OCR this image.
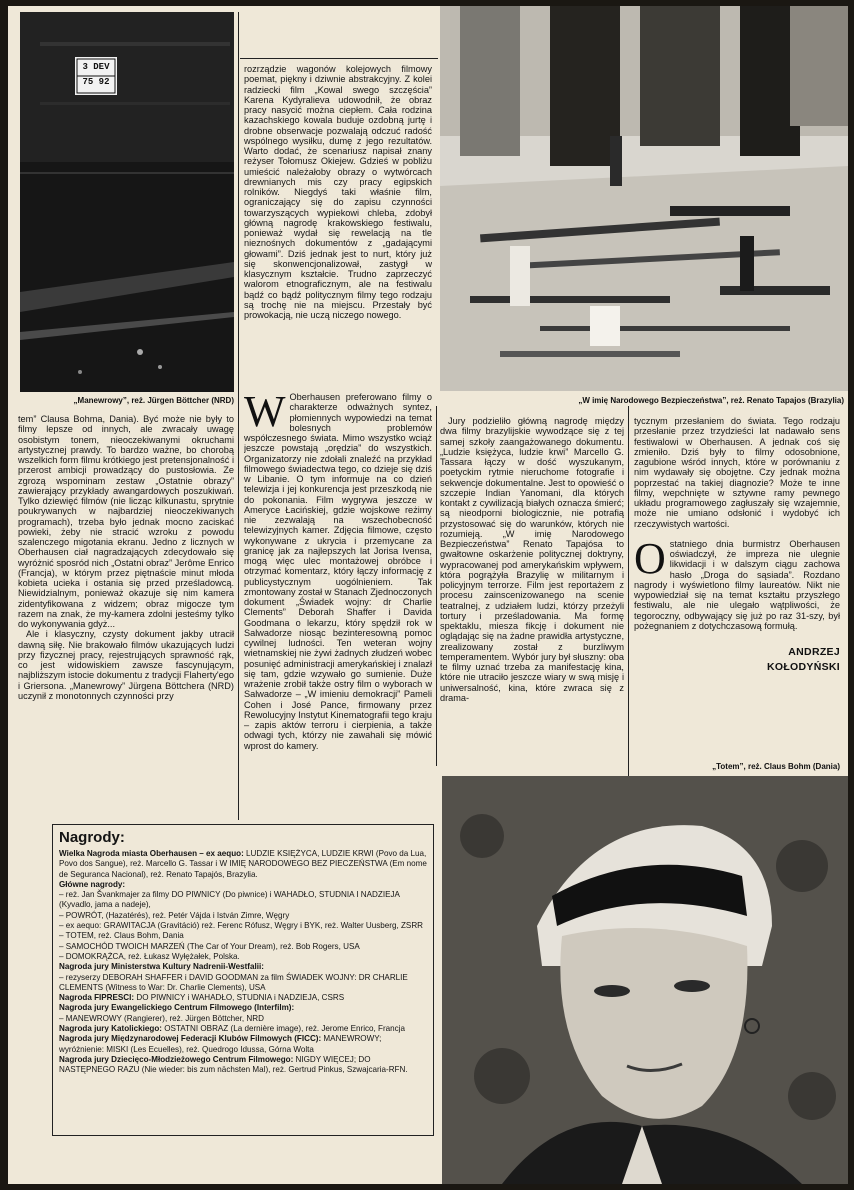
3 DEV
75 92
„Manewrowy”, reż. Jürgen Böttcher (NRD)	„W imię Narodowego Bezpieczeństwa”, reż. Renato Tapajos (Brazylia)

tem” Clausa Bohma, Dania). Być może nie były to filmy lepsze od innych, ale zwracały uwagę osobistym tonem, nieoczekiwanymi okruchami artystycznej prawdy. To bardzo ważne, bo chorobą wszelkich form filmu krótkiego jest pretensjonalność i przerost ambicji prowadzący do pustosłowia. Ze zgrozą wspominam zestaw „Ostatnie obrazy” zawierający przykłady awangardowych poszukiwań. Tylko dziewięć filmów (nie licząc kilkunastu, sprytnie poukrywanych w najbardziej nieoczekiwanych programach), trzeba było jednak mocno zaciskać powieki, żeby nie stracić wzroku z powodu szalenczego migotania ekranu. Jedno z licznych w Oberhausen ciał nagradzających zdecydowało się wyróżnić sposród nich „Ostatni obraz” Jerôme Enrico (Francja), w którym przez piętnaście minut młoda kobieta ucieka i ostania się przed prześladowcą. Niewidzialnym, ponieważ okazuje się nim kamera zidentyfikowana z widzem; obraz migocze tym razem na znak, że my-kamera zdolni jesteśmy tylko do wykonywania gdyż...

Ale i klasyczny, czysty dokument jakby utracił dawną siłę. Nie brakowało filmów ukazujących ludzi przy fizycznej pracy, rejestrujących sprawność rąk, co jest widowiskiem zawsze fascynującym, najbliższym istocie dokumentu z tradycji Flaherty'ego i Griersona. „Manewrowy” Jürgena Böttchera (NRD) uczynił z monotonnych czynności przy

rozrządzie wagonów kolejowych filmowy poemat, piękny i dziwnie abstrakcyjny. Z kolei radziecki film „Kowal swego szczęścia” Karena Kydyralieva udowodnił, że obraz pracy nasycić można ciepłem. Cała rodzina kazachskiego kowala buduje ozdobną jurtę i drobne obserwacje pozwalają odczuć radość wspólnego wysiłku, dumę z jego rezultatów. Warto dodać, że scenariusz napisał znany reżyser Tołomusz Okiejew. Gdzieś w pobliżu umieścić należałoby obrazy o wytwórcach drewnianych mis czy pracy egipskich rolników. Niegdyś taki właśnie film, ograniczający się do zapisu czynności towarzyszących wypiekowi chleba, zdobył główną nagrodę krakowskiego festiwalu, ponieważ wydał się rewelacją na tle nieznośnych dokumentów z „gadającymi głowami”. Dziś jednak jest to nurt, który już się skonwencjonalizował, zastygł w klasycznym kształcie. Trudno zaprzeczyć walorom etnograficznym, ale na festiwalu bądź co bądź politycznym filmy tego rodzaju są trochę nie na miejscu. Przestały być prowokacją, nie uczą niczego nowego.

W Oberhausen preferowano filmy o charakterze odważnych syntez, płomiennych wypowiedzi na temat bolesnych problemów współczesnego świata. Mimo wszystko wciąż jeszcze powstają „orędzia” do wszystkich. Organizatorzy nie zdołali znaleźć na przykład filmowego świadectwa tego, co dzieje się dziś w Libanie. O tym informuje na co dzień telewizja i jej konkurencja jest przeszkodą nie do pokonania. Film wygrywa jeszcze w Ameryce Łacińskiej, gdzie wojskowe reżimy nie zezwalają na wszechobecność telewizyjnych kamer. Zdjęcia filmowe, często wykonywane z ukrycia i przemycane za granicę jak za najlepszych lat Jorisa Ivensa, mogą więc ulec montażowej obróbce i otrzymać komentarz, który łączy informację z publicystycznym uogólnieniem. Tak zmontowany został w Stanach Zjednoczonych dokument „Świadek wojny: dr Charlie Clements” Deborah Shaffer i Davida Goodmana o lekarzu, który spędził rok w Salwadorze niosąc bezinteresowną pomoc cywilnej ludności. Ten weteran wojny wietnamskiej nie żywi żadnych złudzeń wobec posunięć administracji amerykańskiej i znalazł się tam, gdzie wzywało go sumienie. Duże wrażenie zrobił także ostry film o wyborach w Salwadorze – „W imieniu demokracji” Pameli Cohen i José Pance, firmowany przez Rewolucyjny Instytut Kinematografii tego kraju – zapis aktów terroru i cierpienia, a także odwagi tych, którzy nie zawahali się mówić wprost do kamery.

Jury podzieliło główną nagrodę między dwa filmy brazylijskie wywodzące się z tej samej szkoły zaangażowanego dokumentu. „Ludzie księżyca, ludzie krwi” Marcello G. Tassara łączy w dość wyszukanym, poetyckim rytmie nieruchome fotografie i sekwencje dokumentalne. Jest to opowieść o szczepie Indian Yanomani, dla których kontakt z cywilizacją białych oznacza śmierć; są nieodporni biologicznie, nie potrafią przystosować się do warunków, których nie rozumieją. „W imię Narodowego Bezpieczeństwa” Renato Tapajósa to gwałtowne oskarżenie politycznej doktryny, wypracowanej pod amerykańskim wpływem, która pogrążyła Brazylię w militarnym i policyjnym terrorze. Film jest reportażem z procesu zainscenizowanego na scenie teatralnej, z udziałem ludzi, którzy przeżyli tortury i prześladowania. Ma formę spektaklu, miesza fikcję i dokument nie oglądając się na żadne prawidła artystyczne, zrealizowany został z burzliwym temperamentem. Wybór jury był słuszny: oba te filmy uznać trzeba za manifestację kina, które nie utraciło jeszcze wiary w swą misję i uniwersalność, kina, które zwraca się z drama-

tycznym przesłaniem do świata. Tego rodzaju przesłanie przez trzydzieści lat nadawało sens festiwalowi w Oberhausen. A jednak coś się zmieniło. Dziś były to filmy odosobnione, zagubione wśród innych, które w porównaniu z nim wydawały się obojętne. Czy jednak można poprzestać na takiej diagnozie? Może te inne filmy, wepchnięte w sztywne ramy pewnego układu programowego zagłuszały się wzajemnie, może nie umiano odsłonić i wydobyć ich rzeczywistych wartości.

O statniego dnia burmistrz Oberhausen oświadczył, że impreza nie ulegnie likwidacji i w dalszym ciągu zachowa hasło „Droga do sąsiada”. Rozdano nagrody i wyświetlono filmy laureatów. Nikt nie wypowiedział się na temat kształtu przyszłego festiwalu, ale nie ulegało wątpliwości, że tegoroczny, odbywający się już po raz 31-szy, był pożegnaniem z dotychczasową formułą.

ANDRZEJ
KOŁODYŃSKI
„Totem”, reż. Claus Bohm (Dania)
Nagrody:
Wielka Nagroda miasta Oberhausen – ex aequo: LUDZIE KSIĘŻYCA, LUDZIE KRWI (Povo da Lua, Povo dos Sangue), reż. Marcello G. Tassar i W IMIĘ NARODOWEGO BEZ PIECZEŃSTWA (Em nome de Seguranca Nacional), reż. Renato Tapajós, Brazylia.
Główne nagrody:
– reż. Jan Švankmajer za filmy DO PIWNICY (Do piwnice) i WAHADŁO, STUDNIA I NADZIEJA (Kyvadlo, jama a nadeje),
– POWRÓT, (Hazatérés), reż. Petér Vájda i István Zimre, Węgry
– ex aequo: GRAWITACJA (Gravitáció) reż. Ferenc Rófusz, Węgry i BYK, reż. Walter Uusberg, ZSRR
– TOTEM, reż. Claus Bohm, Dania
– SAMOCHÓD TWOICH MARZEŃ (The Car of Your Dream), reż. Bob Rogers, USA
– DOMOKRĄŻCA, reż. Łukasz Wyłężałek, Polska.
Nagroda jury Ministerstwa Kultury Nadrenii-Westfalii:
– rezyserzy DEBORAH SHAFFER i DAVID GOODMAN za film ŚWIADEK WOJNY: DR CHARLIE CLEMENTS (Witness to War: Dr. Charlie Clements), USA
Nagroda FIPRESCI: DO PIWNICY i WAHADŁO, STUDNIA i NADZIEJA, CSRS
Nagroda jury Ewangelickiego Centrum Filmowego (Interfilm):
– MANEWROWY (Rangierer), reż. Jürgen Böttcher, NRD
Nagroda jury Katolickiego: OSTATNI OBRAZ (La dernière image), reż. Jerome Enrico, Francja
Nagroda jury Międzynarodowej Federacji Klubów Filmowych (FICC): MANEWROWY; wyróżnienie: MISKI (Les Ecuelles), reż. Quedrogo Idussa, Górna Wolta
Nagroda jury Dziecięco-Młodzieżowego Centrum Filmowego: NIGDY WIĘCEJ; DO NASTĘPNEGO RAZU (Nie wieder: bis zum nächsten Mal), reż. Gertrud Pinkus, Szwajcaria-RFN.
